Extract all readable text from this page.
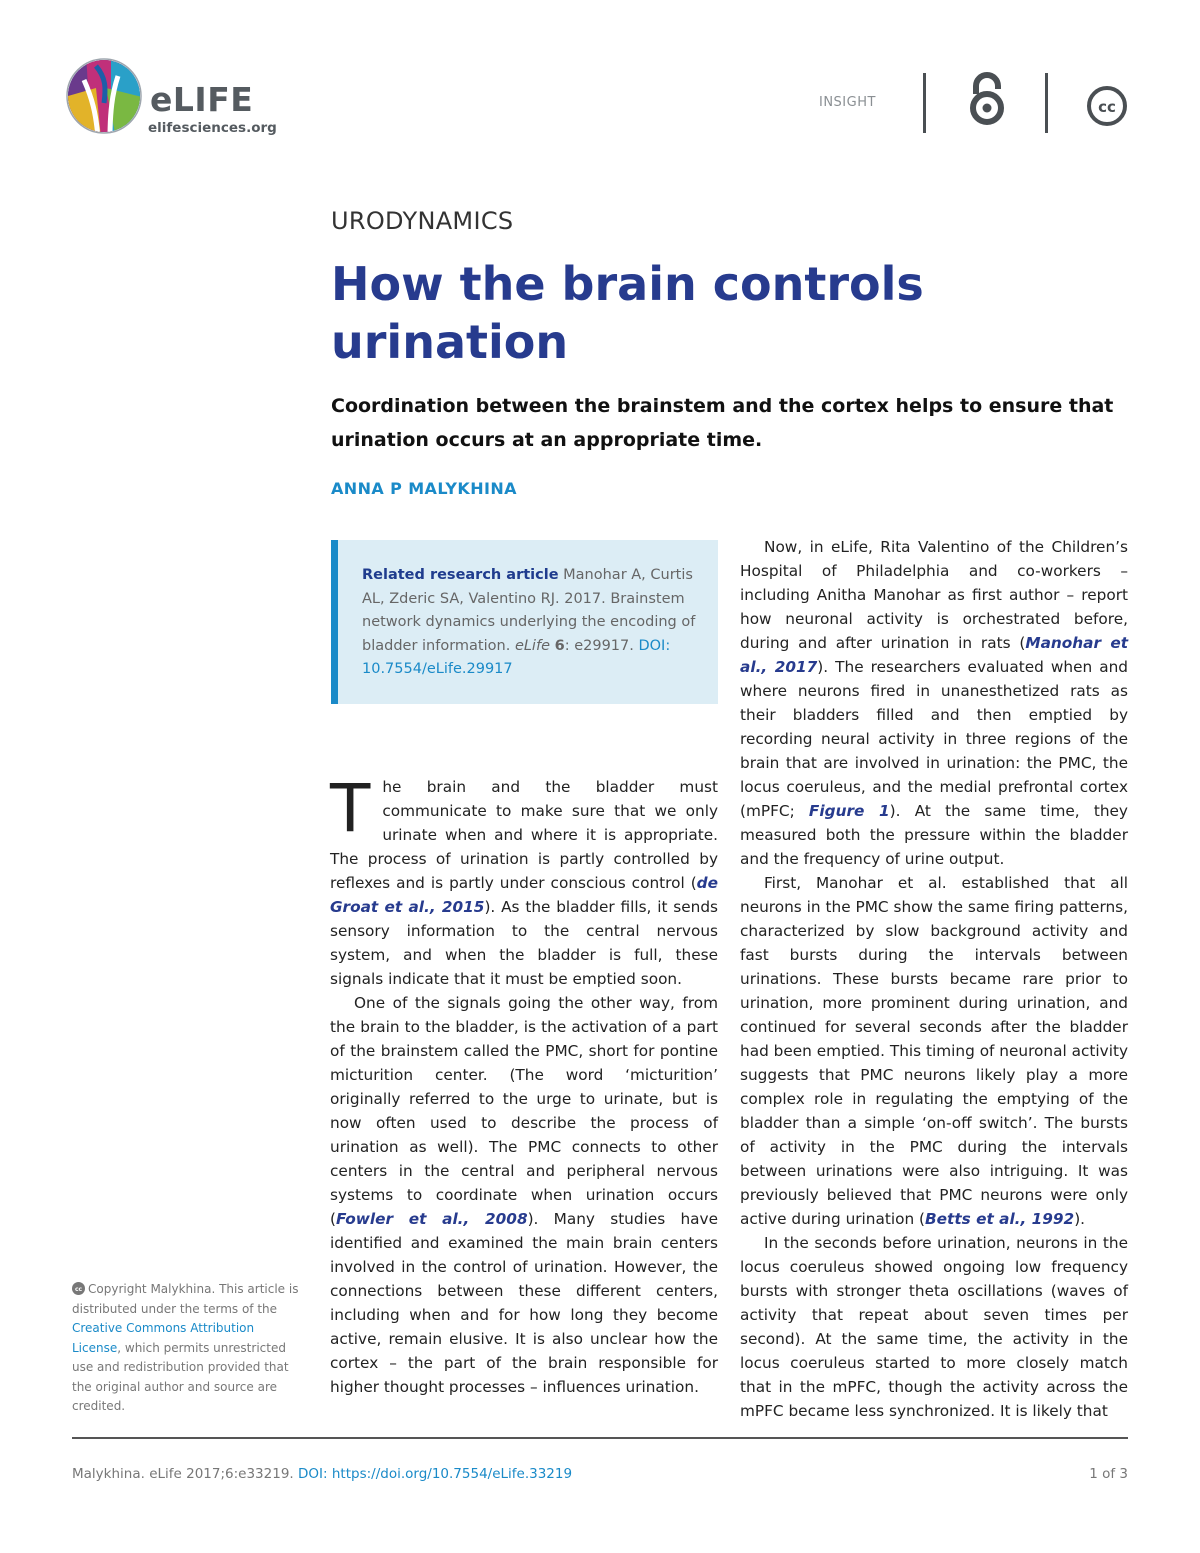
eLIFE
elifesciences.org
INSIGHT	cc
URODYNAMICS
How the brain controls urination

Coordination between the brainstem and the cortex helps to ensure that urination occurs at an appropriate time.

ANNA P MALYKHINA
Related research article Manohar A, Curtis AL, Zderic SA, Valentino RJ. 2017. Brainstem network dynamics underlying the encoding of bladder information. eLife 6: e29917. DOI: 10.7554/eLife.29917

The brain and the bladder must communicate to make sure that we only urinate when and where it is appropriate. The process of urination is partly controlled by reflexes and is partly under conscious control (de Groat et al., 2015). As the bladder fills, it sends sensory information to the central nervous system, and when the bladder is full, these signals indicate that it must be emptied soon.

One of the signals going the other way, from the brain to the bladder, is the activation of a part of the brainstem called the PMC, short for pontine micturition center. (The word ‘micturition’ originally referred to the urge to urinate, but is now often used to describe the process of urination as well). The PMC connects to other centers in the central and peripheral nervous systems to coordinate when urination occurs (Fowler et al., 2008). Many studies have identified and examined the main brain centers involved in the control of urination. However, the connections between these different centers, including when and for how long they become active, remain elusive. It is also unclear how the cortex – the part of the brain responsible for higher thought processes – influences urination.

Now, in eLife, Rita Valentino of the Children’s Hospital of Philadelphia and co-workers – including Anitha Manohar as first author – report how neuronal activity is orchestrated before, during and after urination in rats (Manohar et al., 2017). The researchers evaluated when and where neurons fired in unanesthetized rats as their bladders filled and then emptied by recording neural activity in three regions of the brain that are involved in urination: the PMC, the locus coeruleus, and the medial prefrontal cortex (mPFC; Figure 1). At the same time, they measured both the pressure within the bladder and the frequency of urine output.

First, Manohar et al. established that all neurons in the PMC show the same firing patterns, characterized by slow background activity and fast bursts during the intervals between urinations. These bursts became rare prior to urination, more prominent during urination, and continued for several seconds after the bladder had been emptied. This timing of neuronal activity suggests that PMC neurons likely play a more complex role in regulating the emptying of the bladder than a simple ‘on-off switch’. The bursts of activity in the PMC during the intervals between urinations were also intriguing. It was previously believed that PMC neurons were only active during urination (Betts et al., 1992).

In the seconds before urination, neurons in the locus coeruleus showed ongoing low frequency bursts with stronger theta oscillations (waves of activity that repeat about seven times per second). At the same time, the activity in the locus coeruleus started to more closely match that in the mPFC, though the activity across the mPFC became less synchronized. It is likely that

cc Copyright Malykhina. This article is distributed under the terms of the Creative Commons Attribution License, which permits unrestricted use and redistribution provided that the original author and source are credited.
Malykhina. eLife 2017;6:e33219. DOI: https://doi.org/10.7554/eLife.33219	1 of 3
